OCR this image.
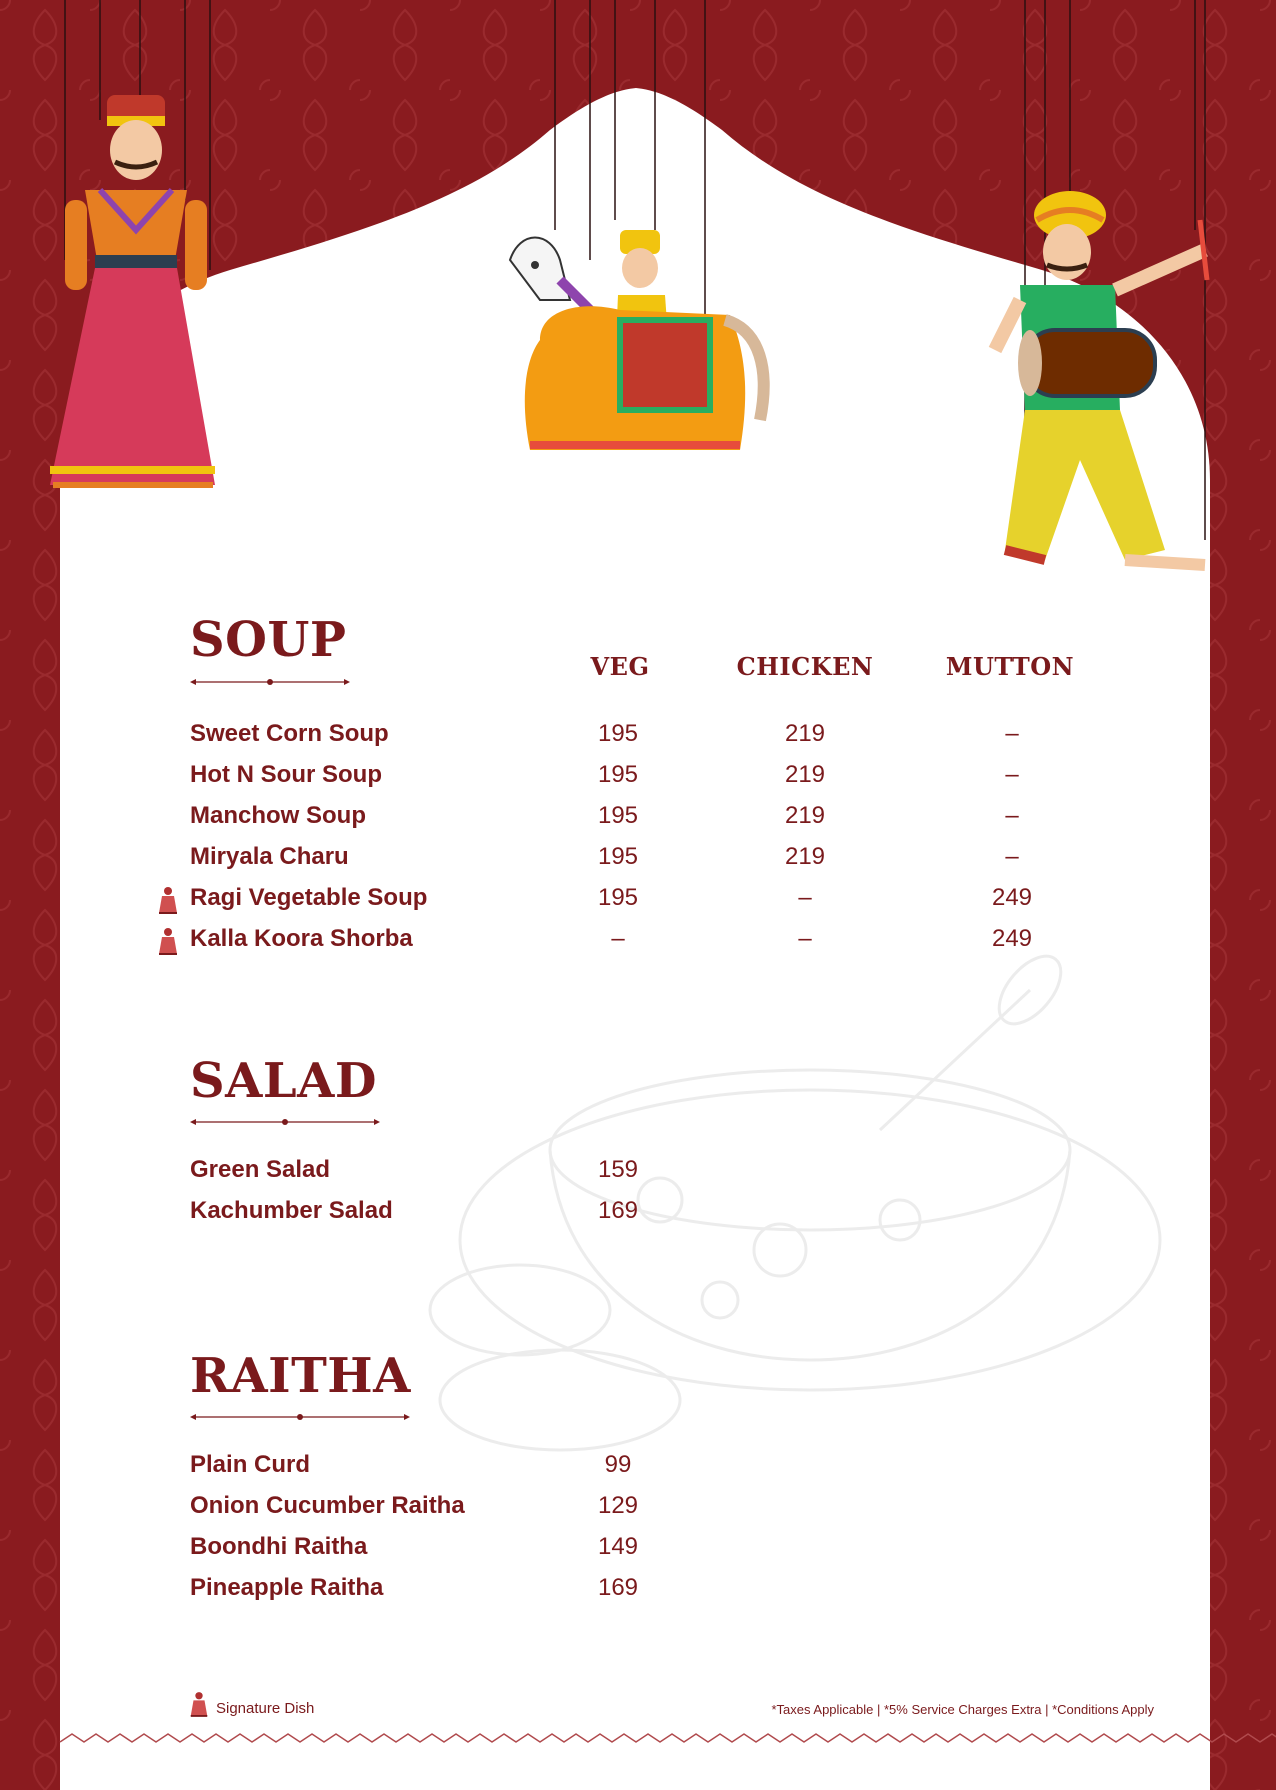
SOUP	VEG	CHICKEN	MUTTON
Sweet Corn Soup	195	219	–
Hot N Sour Soup	195	219	–
Manchow Soup	195	219	–
Miryala Charu	195	219	–
Ragi Vegetable Soup	195	–	249
Kalla Koora Shorba	–	–	249
SALAD
Green Salad	159
Kachumber Salad	169
RAITHA
Plain Curd	99
Onion Cucumber Raitha	129
Boondhi Raitha	149
Pineapple Raitha	169
Signature Dish	*Taxes Applicable | *5% Service Charges Extra | *Conditions Apply
